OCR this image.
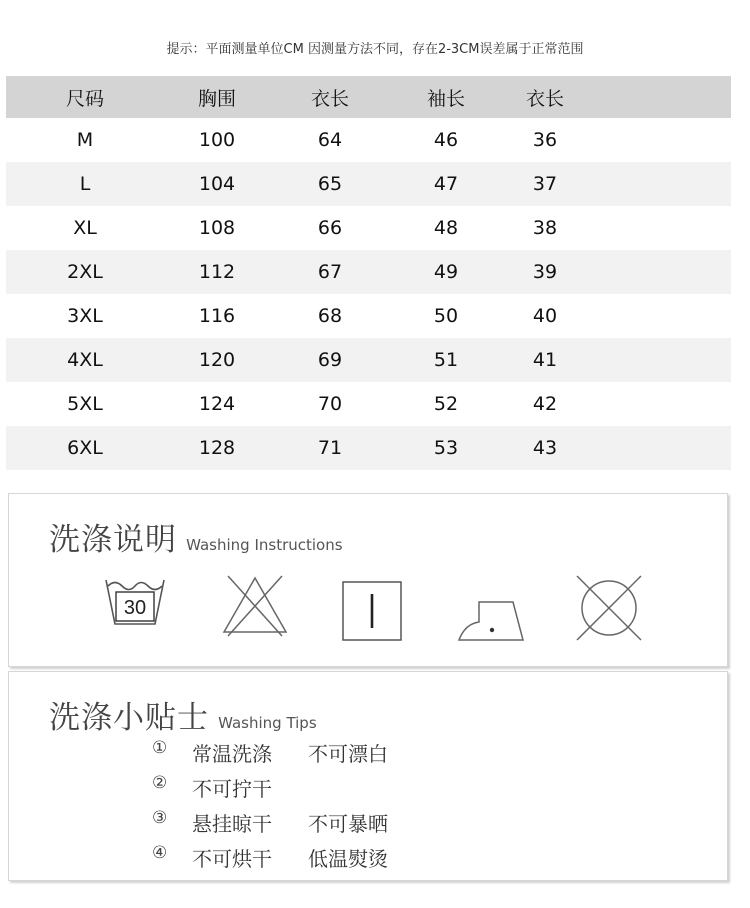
提示：平面测量单位CM 因测量方法不同，存在2-3CM误差属于正常范围
尺码	胸围	衣长	袖长	衣长
M	100	64	46	36
L	104	65	47	37
XL	108	66	48	38
2XL	112	67	49	39
3XL	116	68	50	40
4XL	120	69	51	41
5XL	124	70	52	42
6XL	128	71	53	43
洗涤说明 Washing Instructions
30
洗涤小贴士 Washing Tips
①	常温洗涤 不可漂白
②	不可拧干
③	悬挂晾干 不可暴晒
④	不可烘干 低温熨烫
